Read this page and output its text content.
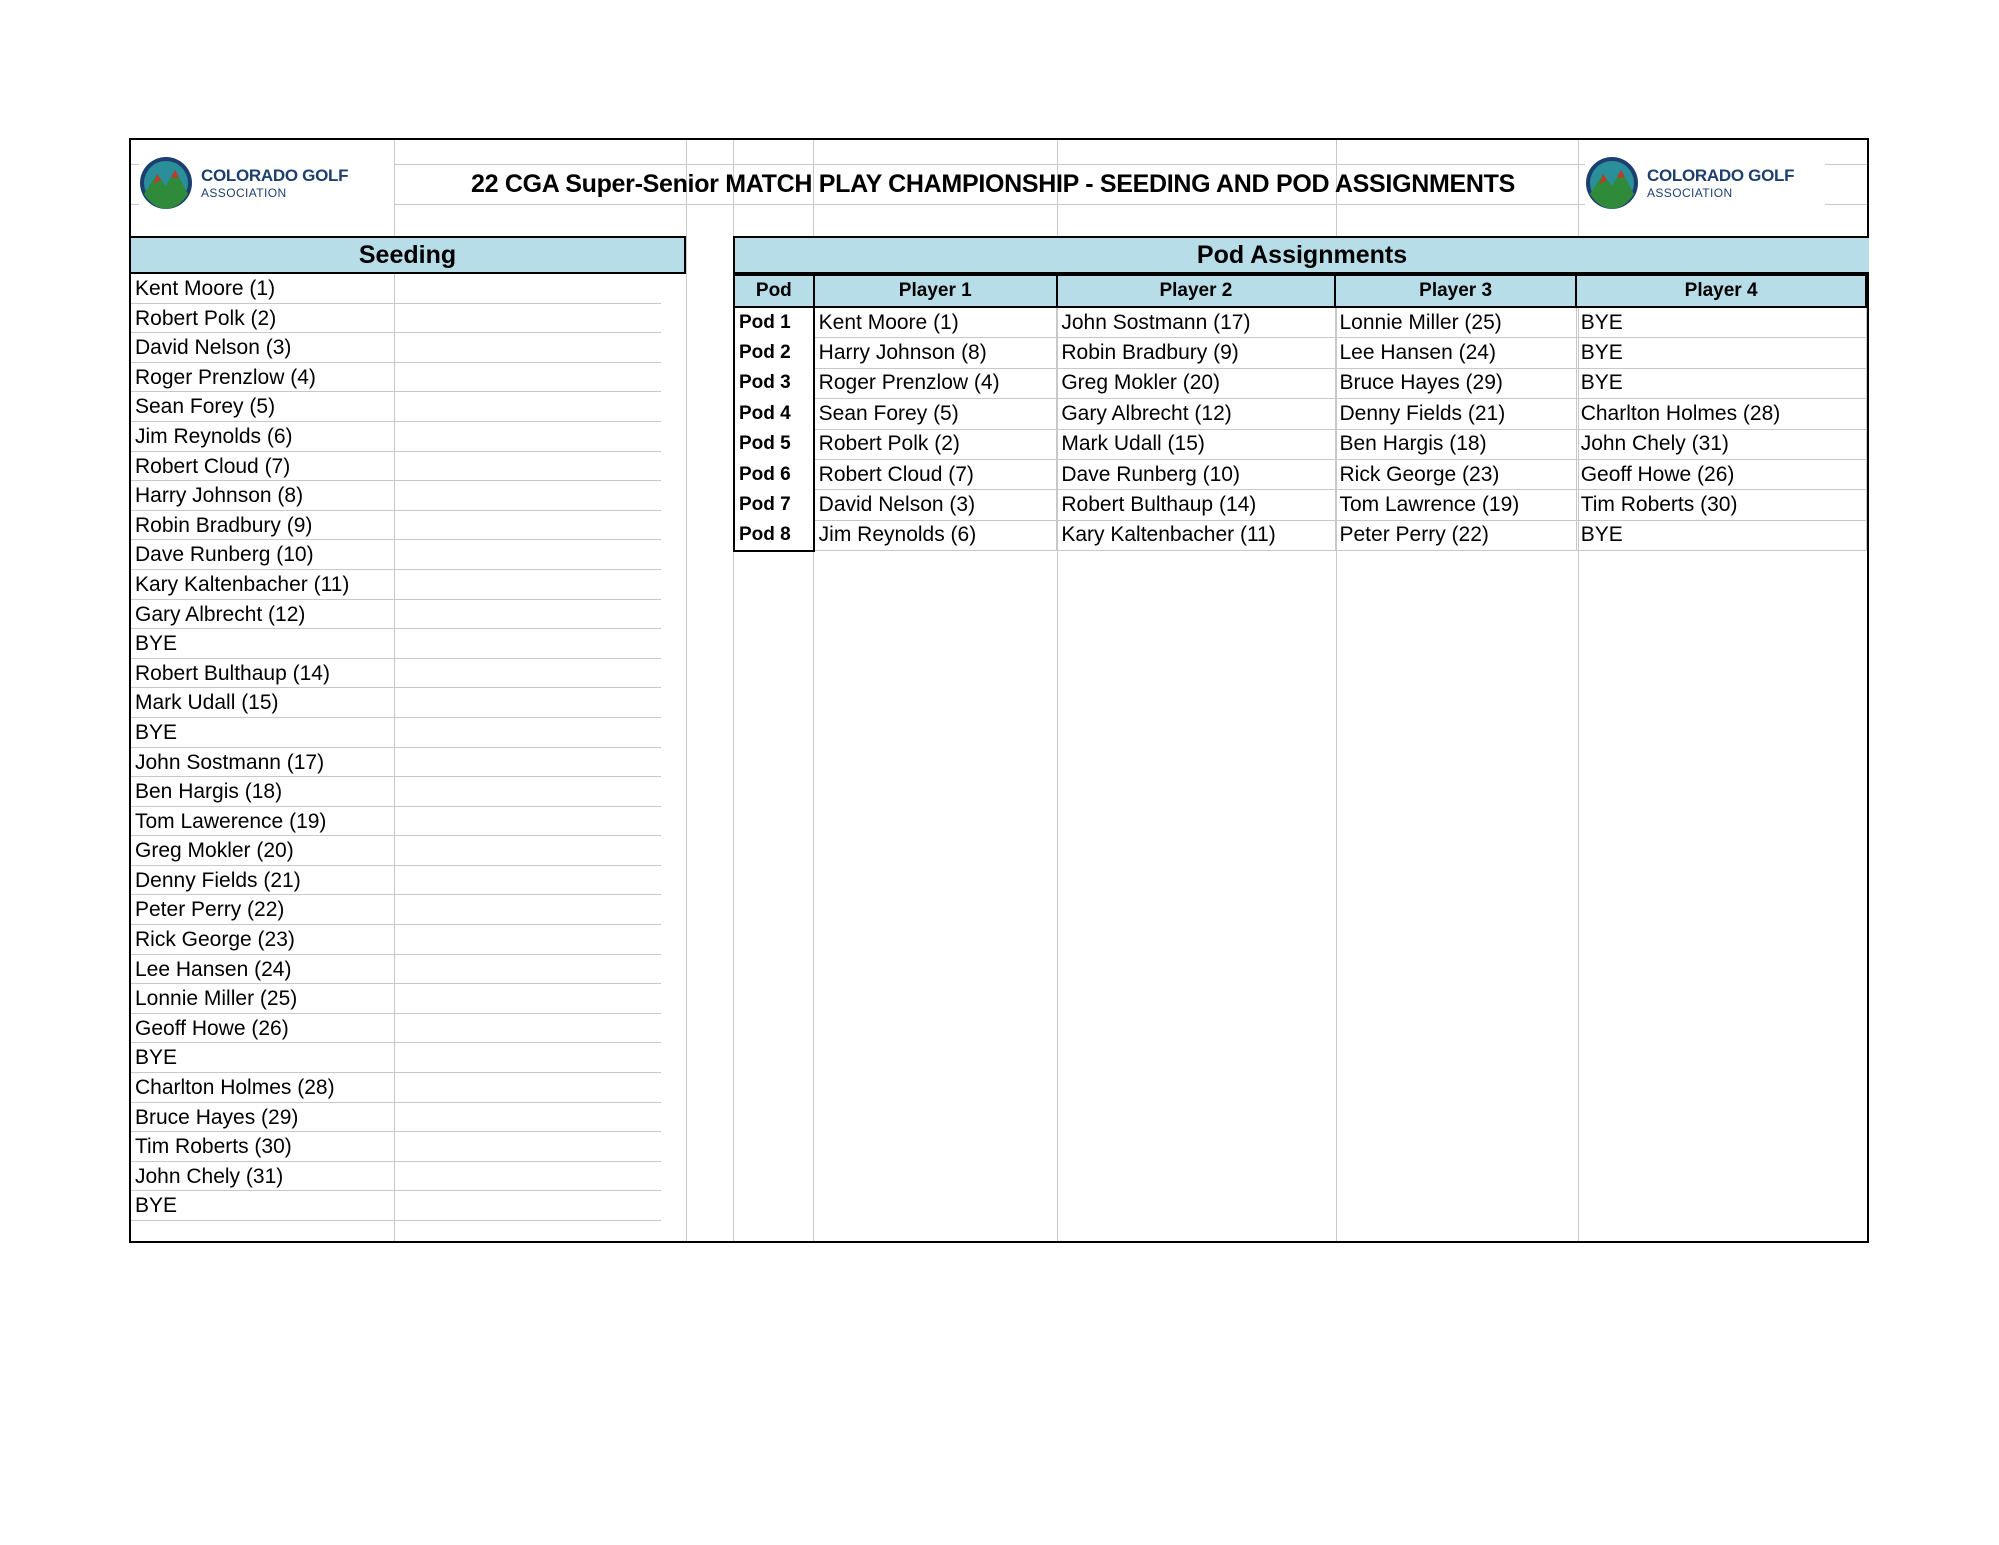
COLORADO GOLF
ASSOCIATION	22 CGA Super-Senior MATCH PLAY CHAMPIONSHIP - SEEDING AND POD ASSIGNMENTS	COLORADO GOLF
ASSOCIATION
Seeding
Kent Moore (1)
Robert Polk (2)
David Nelson (3)
Roger Prenzlow (4)
Sean Forey (5)
Jim Reynolds (6)
Robert Cloud (7)
Harry Johnson (8)
Robin Bradbury (9)
Dave Runberg (10)
Kary Kaltenbacher (11)
Gary Albrecht (12)
BYE
Robert Bulthaup (14)
Mark Udall (15)
BYE
John Sostmann (17)
Ben Hargis (18)
Tom Lawerence (19)
Greg Mokler (20)
Denny Fields (21)
Peter Perry (22)
Rick George (23)
Lee Hansen (24)
Lonnie Miller (25)
Geoff Howe (26)
BYE
Charlton Holmes (28)
Bruce Hayes (29)
Tim Roberts (30)
John Chely (31)
BYE
Pod Assignments
Pod	Player 1	Player 2	Player 3	Player 4
Pod 1	Kent Moore (1)	John Sostmann (17)	Lonnie Miller (25)	BYE
Pod 2	Harry Johnson (8)	Robin Bradbury (9)	Lee Hansen (24)	BYE
Pod 3	Roger Prenzlow (4)	Greg Mokler (20)	Bruce Hayes (29)	BYE
Pod 4	Sean Forey (5)	Gary Albrecht (12)	Denny Fields (21)	Charlton Holmes (28)
Pod 5	Robert Polk (2)	Mark Udall (15)	Ben Hargis (18)	John Chely (31)
Pod 6	Robert Cloud (7)	Dave Runberg (10)	Rick George (23)	Geoff Howe (26)
Pod 7	David Nelson (3)	Robert Bulthaup (14)	Tom Lawrence (19)	Tim Roberts (30)
Pod 8	Jim Reynolds (6)	Kary Kaltenbacher (11)	Peter Perry (22)	BYE
